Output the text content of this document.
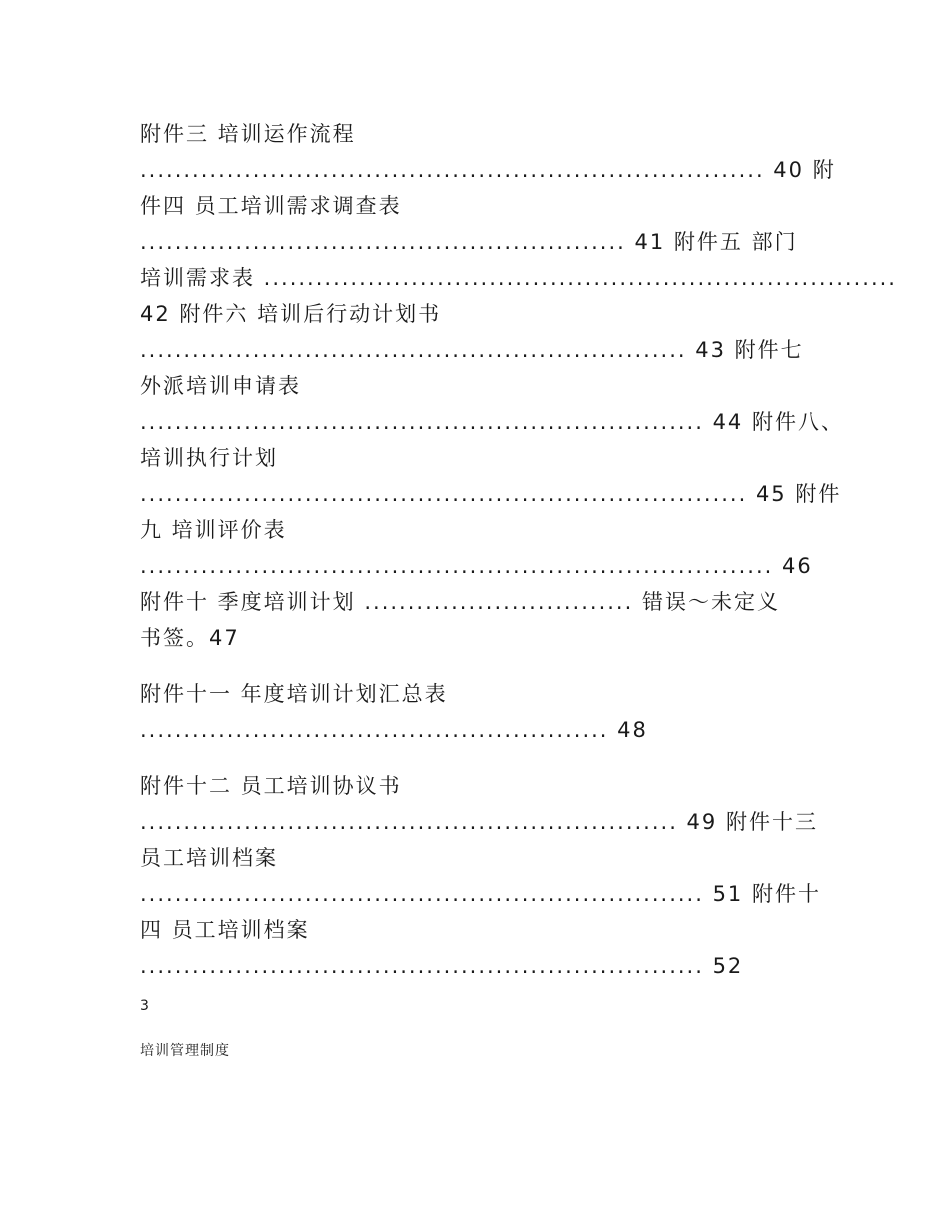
附件三 培训运作流程
........................................................................ 40 附
件四 员工培训需求调查表
........................................................ 41 附件五 部门
培训需求表 .........................................................................
42 附件六 培训后行动计划书
............................................................... 43 附件七
外派培训申请表
................................................................. 44 附件八、
培训执行计划
...................................................................... 45 附件
九 培训评价表
......................................................................... 46
附件十 季度培训计划 ............................... 错误～未定义
书签。47
附件十一 年度培训计划汇总表
...................................................... 48
附件十二 员工培训协议书
.............................................................. 49 附件十三
员工培训档案
................................................................. 51 附件十
四 员工培训档案
................................................................. 52
3
培训管理制度
